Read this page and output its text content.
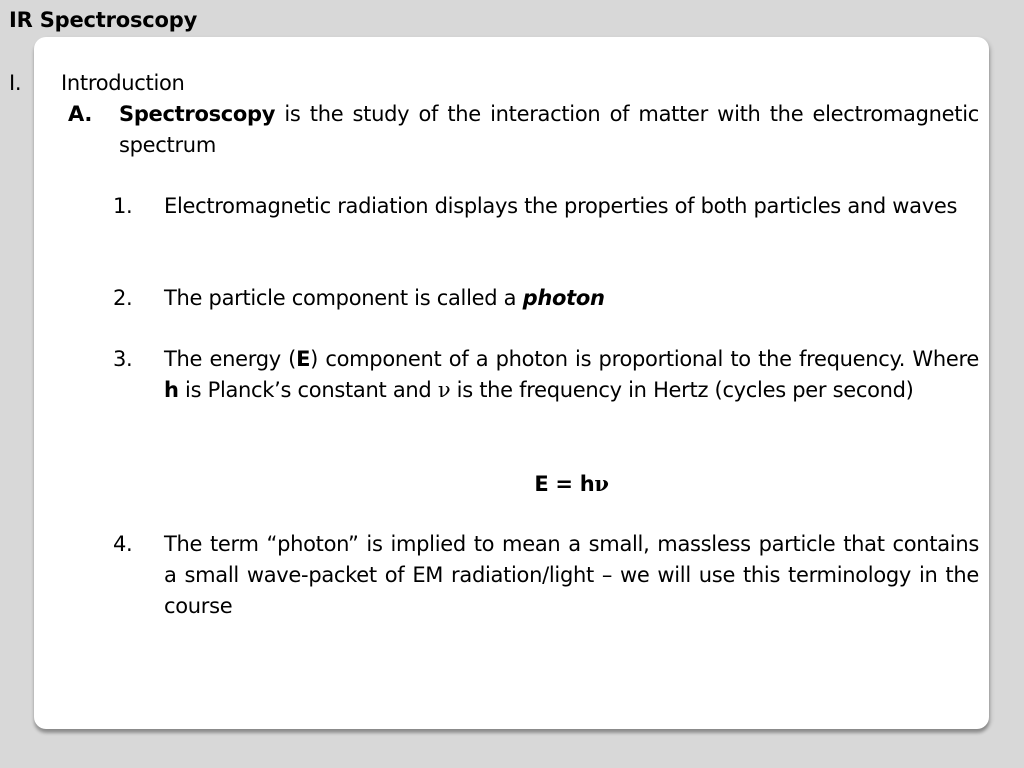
IR Spectroscopy
I. Introduction
A. Spectroscopy is the study of the interaction of matter with the electromagnetic spectrum

1. Electromagnetic radiation displays the properties of both particles and waves

2. The particle component is called a photon

3. The energy (E) component of a photon is proportional to the frequency. Where h is Planck’s constant and ν is the frequency in Hertz (cycles per second)

E = hν

4. The term “photon” is implied to mean a small, massless particle that contains a small wave-packet of EM radiation/light – we will use this terminology in the course
